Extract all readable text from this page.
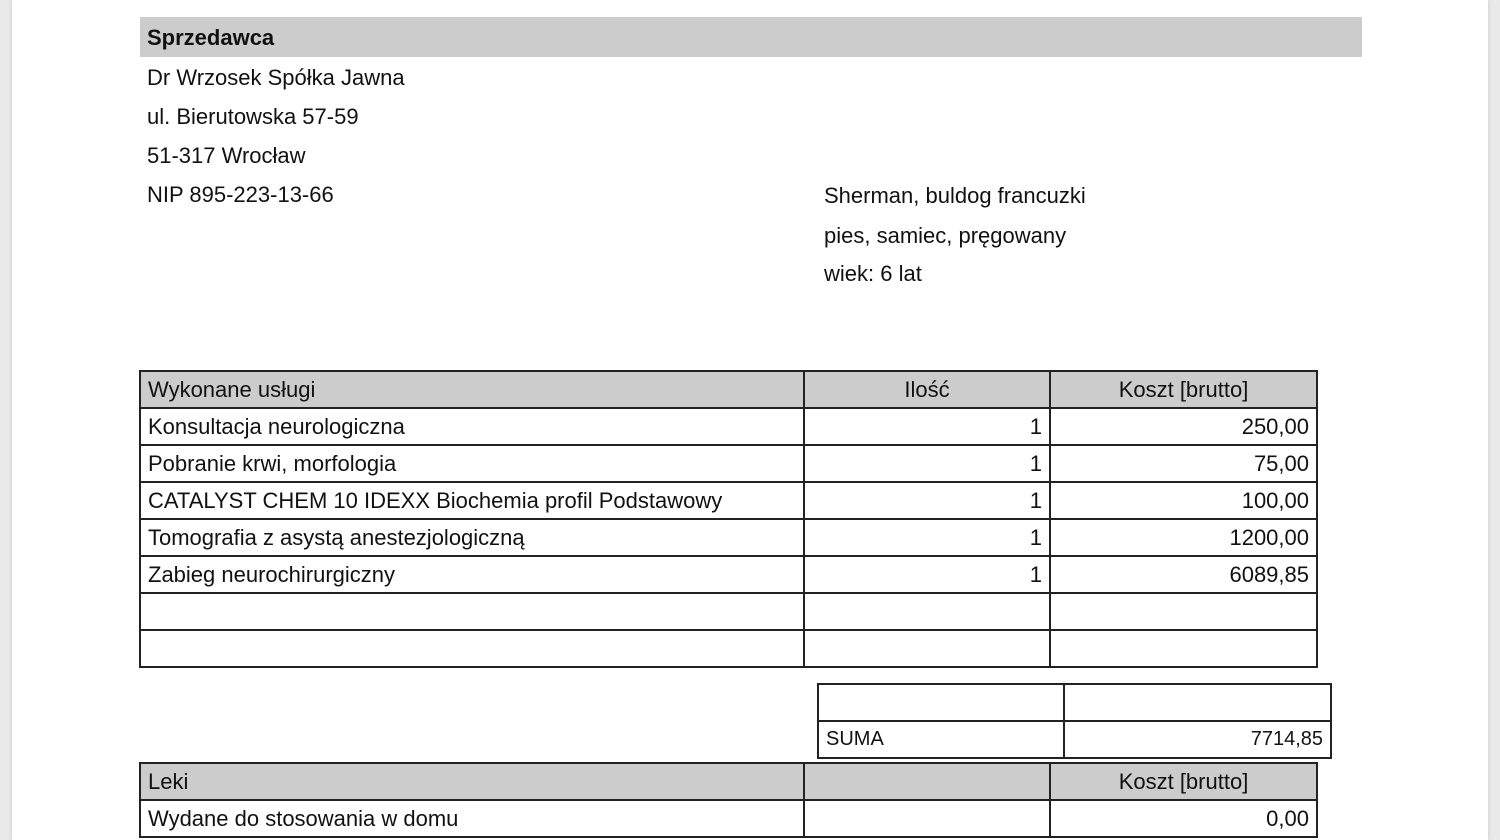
Sprzedawca
Dr Wrzosek Spółka Jawna
ul. Bierutowska 57-59
51-317 Wrocław
NIP 895-223-13-66	Sherman, buldog francuzki
pies, samiec, pręgowany
wiek: 6 lat
Wykonane usługi	Ilość	Koszt [brutto]
Konsultacja neurologiczna	1	250,00
Pobranie krwi, morfologia	1	75,00
CATALYST CHEM 10 IDEXX Biochemia profil Podstawowy	1	100,00
Tomografia z asystą anestezjologiczną	1	1200,00
Zabieg neurochirurgiczny	1	6089,85

SUMA	7714,85
Leki		Koszt [brutto]
Wydane do stosowania w domu		0,00
